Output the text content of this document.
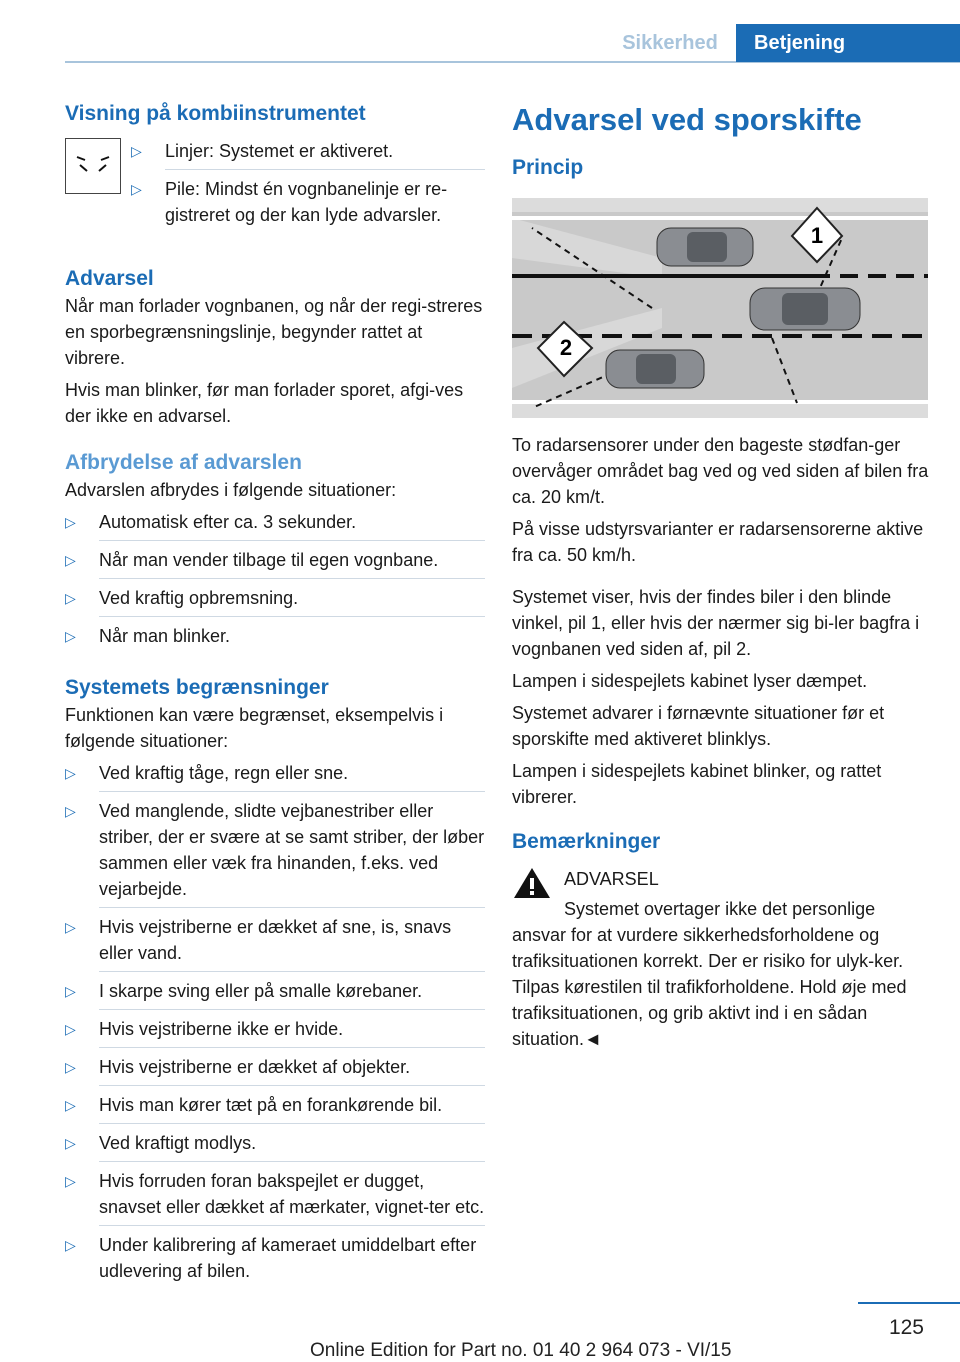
Sikkerhed	Betjening
Visning på kombiinstrumentet
▷ Linjer: Systemet er aktiveret.
▷ Pile: Mindst én vognbanelinje er re-gistreret og der kan lyde advarsler.
Advarsel

Når man forlader vognbanen, og når der regi-streres en sporbegrænsningslinje, begynder rattet at vibrere.

Hvis man blinker, før man forlader sporet, afgi-ves der ikke en advarsel.

Afbrydelse af advarslen

Advarslen afbrydes i følgende situationer:

▷ Automatisk efter ca. 3 sekunder.
▷ Når man vender tilbage til egen vognbane.
▷ Ved kraftig opbremsning.
▷ Når man blinker.
Systemets begrænsninger

Funktionen kan være begrænset, eksempelvis i følgende situationer:

▷ Ved kraftig tåge, regn eller sne.
▷ Ved manglende, slidte vejbanestriber eller striber, der er svære at se samt striber, der løber sammen eller væk fra hinanden, f.eks. ved vejarbejde.
▷ Hvis vejstriberne er dækket af sne, is, snavs eller vand.
▷ I skarpe sving eller på smalle kørebaner.
▷ Hvis vejstriberne ikke er hvide.
▷ Hvis vejstriberne er dækket af objekter.
▷ Hvis man kører tæt på en forankørende bil.
▷ Ved kraftigt modlys.
▷ Hvis forruden foran bakspejlet er dugget, snavset eller dækket af mærkater, vignet-ter etc.
▷ Under kalibrering af kameraet umiddelbart efter udlevering af bilen.
Advarsel ved sporskifte
Princip
1
2

To radarsensorer under den bageste stødfan-ger overvåger området bag ved og ved siden af bilen fra ca. 20 km/t.

På visse udstyrsvarianter er radarsensorerne aktive fra ca. 50 km/h.

Systemet viser, hvis der findes biler i den blinde vinkel, pil 1, eller hvis der nærmer sig bi-ler bagfra i vognbanen ved siden af, pil 2.

Lampen i sidespejlets kabinet lyser dæmpet.

Systemet advarer i førnævnte situationer før et sporskifte med aktiveret blinklys.

Lampen i sidespejlets kabinet blinker, og rattet vibrerer.

Bemærkninger

ADVARSEL

Systemet overtager ikke det personlige

ansvar for at vurdere sikkerhedsforholdene og trafiksituationen korrekt. Der er risiko for ulyk-ker. Tilpas kørestilen til trafikforholdene. Hold øje med trafiksituationen, og grib aktivt ind i en sådan situation.◄

125
Online Edition for Part no. 01 40 2 964 073 - VI/15
